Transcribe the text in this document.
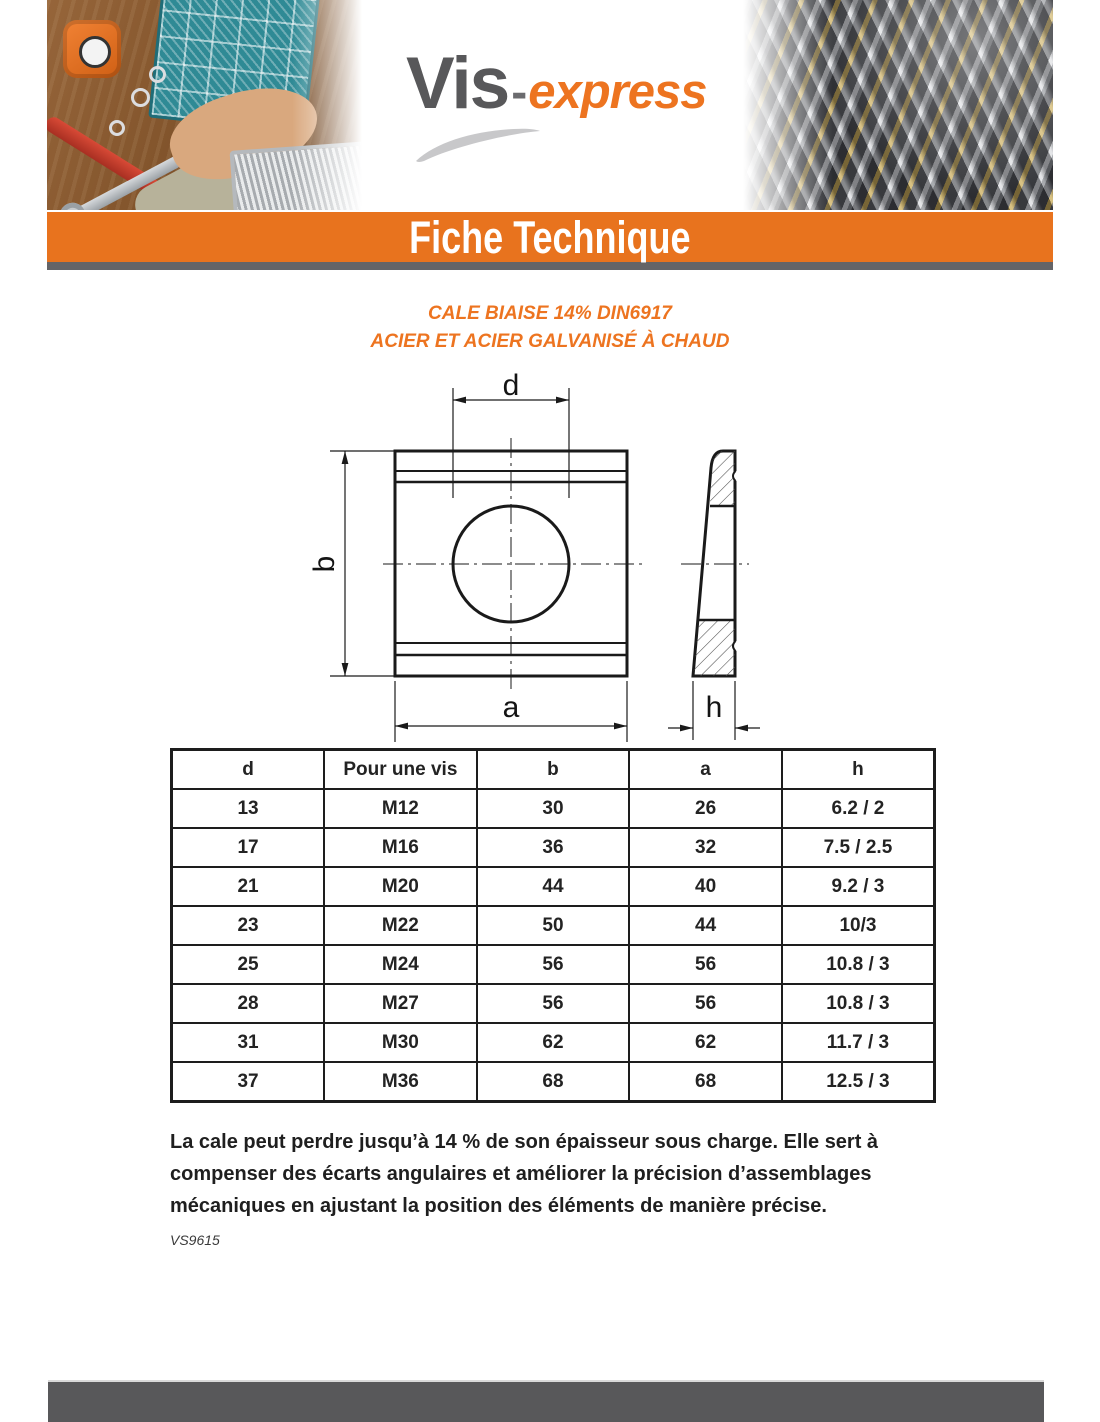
Vis - express
Fiche Technique
CALE BIAISE 14% DIN6917
ACIER ET ACIER GALVANISÉ À CHAUD
d
b
a	h
d	Pour une vis	b	a	h
13	M12	30	26	6.2 / 2
17	M16	36	32	7.5 / 2.5
21	M20	44	40	9.2 / 3
23	M22	50	44	10/3
25	M24	56	56	10.8 / 3
28	M27	56	56	10.8 / 3
31	M30	62	62	11.7 / 3
37	M36	68	68	12.5 / 3

La cale peut perdre jusqu’à 14 % de son épaisseur sous charge. Elle sert à compenser des écarts angulaires et améliorer la précision d’assemblages mécaniques en ajustant la position des éléments de manière précise.

VS9615
